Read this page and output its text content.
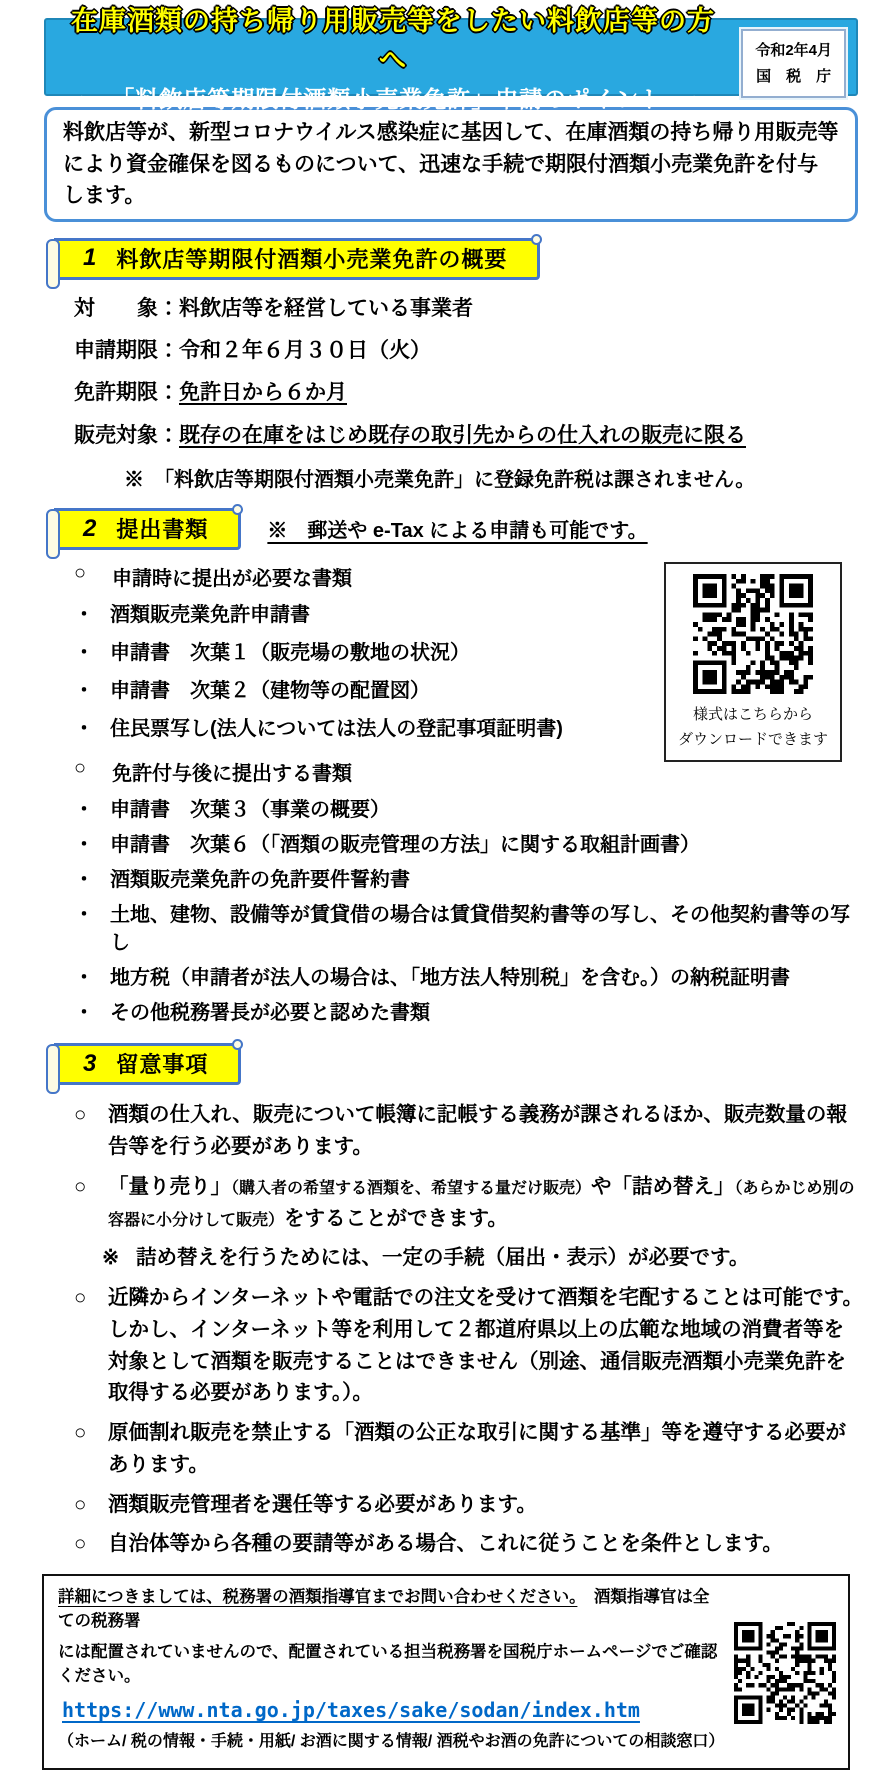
在庫酒類の持ち帰り用販売等をしたい料飲店等の方へ
～　「料飲店等期限付酒類小売業免許」申請のポイント　～
令和2年4月
国　税　庁

料飲店等が、新型コロナウイルス感染症に基因して、在庫酒類の持ち帰り用販売等により資金確保を図るものについて、迅速な手続で期限付酒類小売業免許を付与します。

1 料飲店等期限付酒類小売業免許の概要
対　　象：料飲店等を経営している事業者
申請期限：令和２年６月３０日（火）
免許期限：免許日から６か月
販売対象：既存の在庫をはじめ既存の取引先からの仕入れの販売に限る
※　「料飲店等期限付酒類小売業免許」に登録免許税は課されません。
2 提出書類	※　郵送や e-Tax による申請も可能です。
○	申請時に提出が必要な書類
・ 酒類販売業免許申請書
・ 申請書　次葉１（販売場の敷地の状況）
・ 申請書　次葉２（建物等の配置図）
・ 住民票写し(法人については法人の登記事項証明書)
○	免許付与後に提出する書類
・ 申請書　次葉３（事業の概要）
・ 申請書　次葉６（「酒類の販売管理の方法」に関する取組計画書）
・ 酒類販売業免許の免許要件誓約書
・ 土地、建物、設備等が賃貸借の場合は賃貸借契約書等の写し、その他契約書等の写し
・ 地方税（申請者が法人の場合は、「地方法人特別税」を含む。）の納税証明書
・ その他税務署長が必要と認めた書類
様式はこちらから
ダウンロードできます
3 留意事項
○	酒類の仕入れ、販売について帳簿に記帳する義務が課されるほか、販売数量の報告等を行う必要があります。
○	「量り売り」（購入者の希望する酒類を、希望する量だけ販売）や「詰め替え」（あらかじめ別の容器に小分けして販売）をすることができます。
※ 詰め替えを行うためには、一定の手続（届出・表示）が必要です。
○	近隣からインターネットや電話での注文を受けて酒類を宅配することは可能です。しかし、インターネット等を利用して２都道府県以上の広範な地域の消費者等を対象として酒類を販売することはできません（別途、通信販売酒類小売業免許を取得する必要があります。）。
○	原価割れ販売を禁止する「酒類の公正な取引に関する基準」等を遵守する必要があります。
○	酒類販売管理者を選任等する必要があります。
○	自治体等から各種の要請等がある場合、これに従うことを条件とします。

詳細につきましては、税務署の酒類指導官までお問い合わせください。　酒類指導官は全ての税務署

には配置されていませんので、配置されている担当税務署を国税庁ホームページでご確認ください。

https://www.nta.go.jp/taxes/sake/sodan/index.htm

（ホーム/ 税の情報・手続・用紙/ お酒に関する情報/ 酒税やお酒の免許についての相談窓口）
